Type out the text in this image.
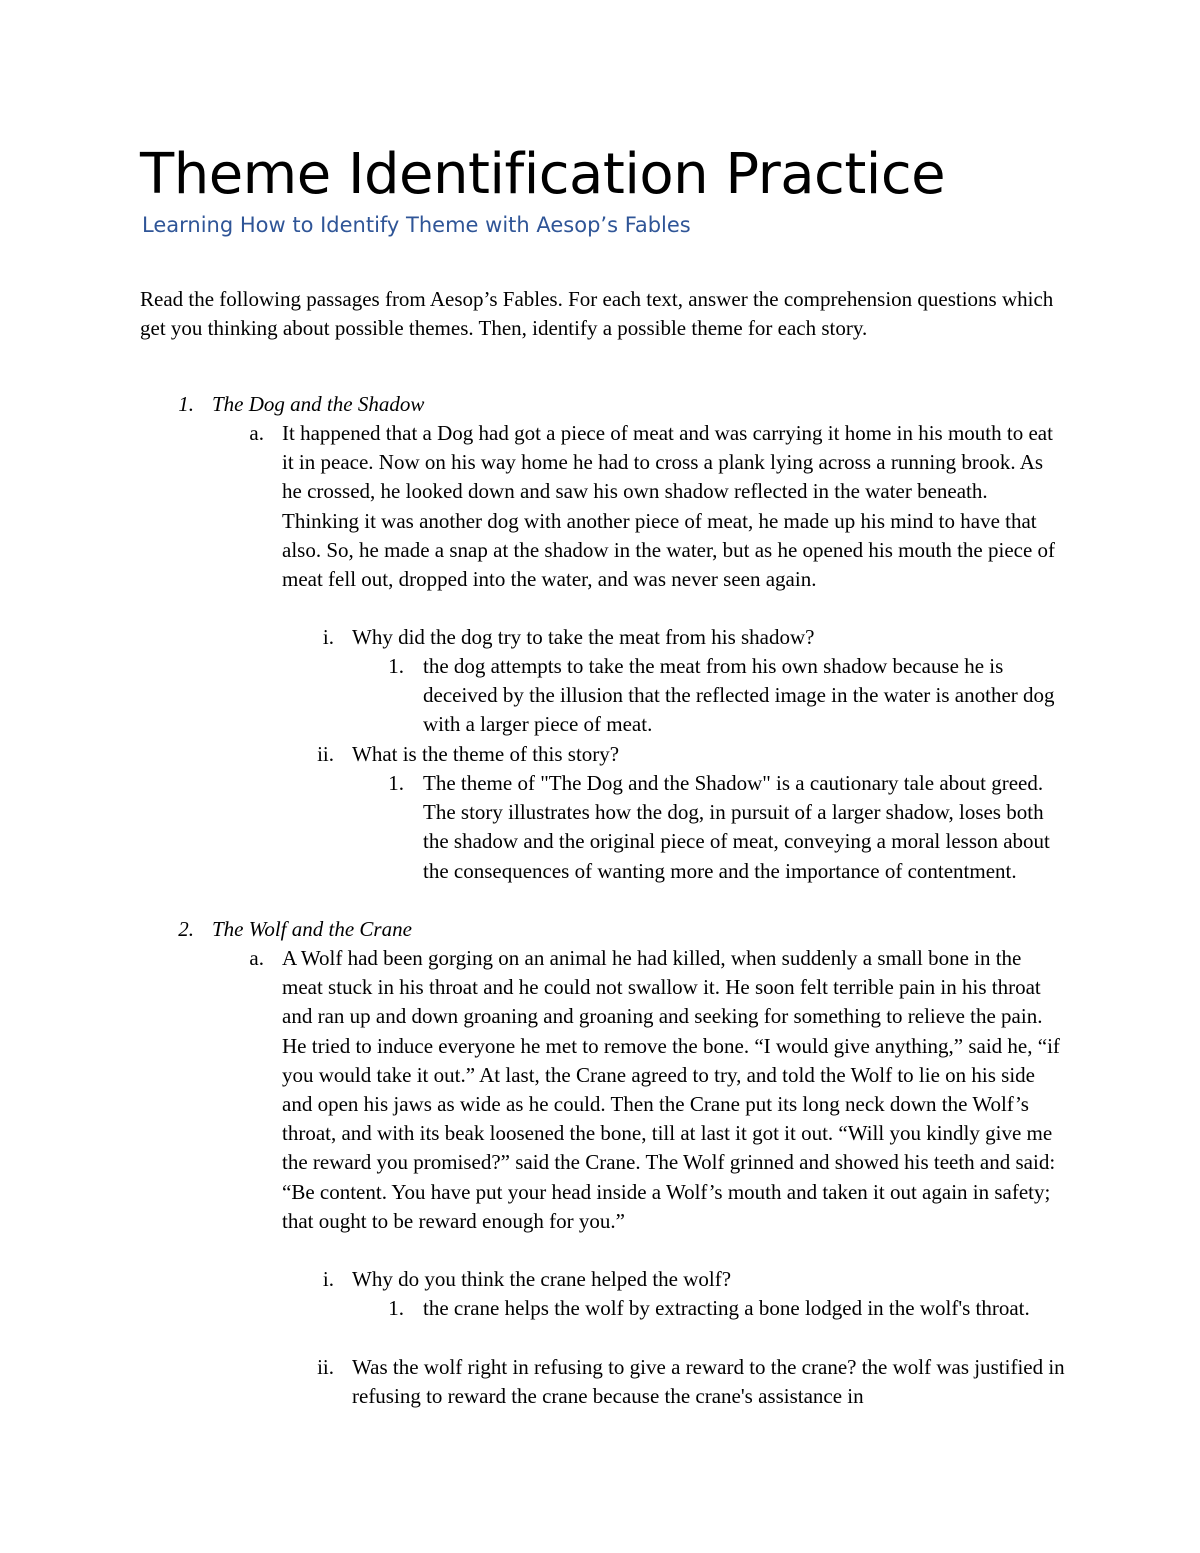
Theme Identification Practice
Learning How to Identify Theme with Aesop’s Fables
Read the following passages from Aesop’s Fables. For each text, answer the comprehension questions which get you thinking about possible themes. Then, identify a possible theme for each story.
1. The Dog and the Shadow
a. It happened that a Dog had got a piece of meat and was carrying it home in his mouth to eat it in peace. Now on his way home he had to cross a plank lying across a running brook. As he crossed, he looked down and saw his own shadow reflected in the water beneath. Thinking it was another dog with another piece of meat, he made up his mind to have that also. So, he made a snap at the shadow in the water, but as he opened his mouth the piece of meat fell out, dropped into the water, and was never seen again.
i. Why did the dog try to take the meat from his shadow?
1. the dog attempts to take the meat from his own shadow because he is deceived by the illusion that the reflected image in the water is another dog with a larger piece of meat.
ii. What is the theme of this story?
1. The theme of "The Dog and the Shadow" is a cautionary tale about greed. The story illustrates how the dog, in pursuit of a larger shadow, loses both the shadow and the original piece of meat, conveying a moral lesson about the consequences of wanting more and the importance of contentment.
2. The Wolf and the Crane
a. A Wolf had been gorging on an animal he had killed, when suddenly a small bone in the meat stuck in his throat and he could not swallow it. He soon felt terrible pain in his throat and ran up and down groaning and groaning and seeking for something to relieve the pain. He tried to induce everyone he met to remove the bone. “I would give anything,” said he, “if you would take it out.” At last, the Crane agreed to try, and told the Wolf to lie on his side and open his jaws as wide as he could. Then the Crane put its long neck down the Wolf’s throat, and with its beak loosened the bone, till at last it got it out. “Will you kindly give me the reward you promised?” said the Crane. The Wolf grinned and showed his teeth and said: “Be content. You have put your head inside a Wolf’s mouth and taken it out again in safety; that ought to be reward enough for you.”
i. Why do you think the crane helped the wolf?
1. the crane helps the wolf by extracting a bone lodged in the wolf's throat.
ii. Was the wolf right in refusing to give a reward to the crane? the wolf was justified in refusing to reward the crane because the crane's assistance in
